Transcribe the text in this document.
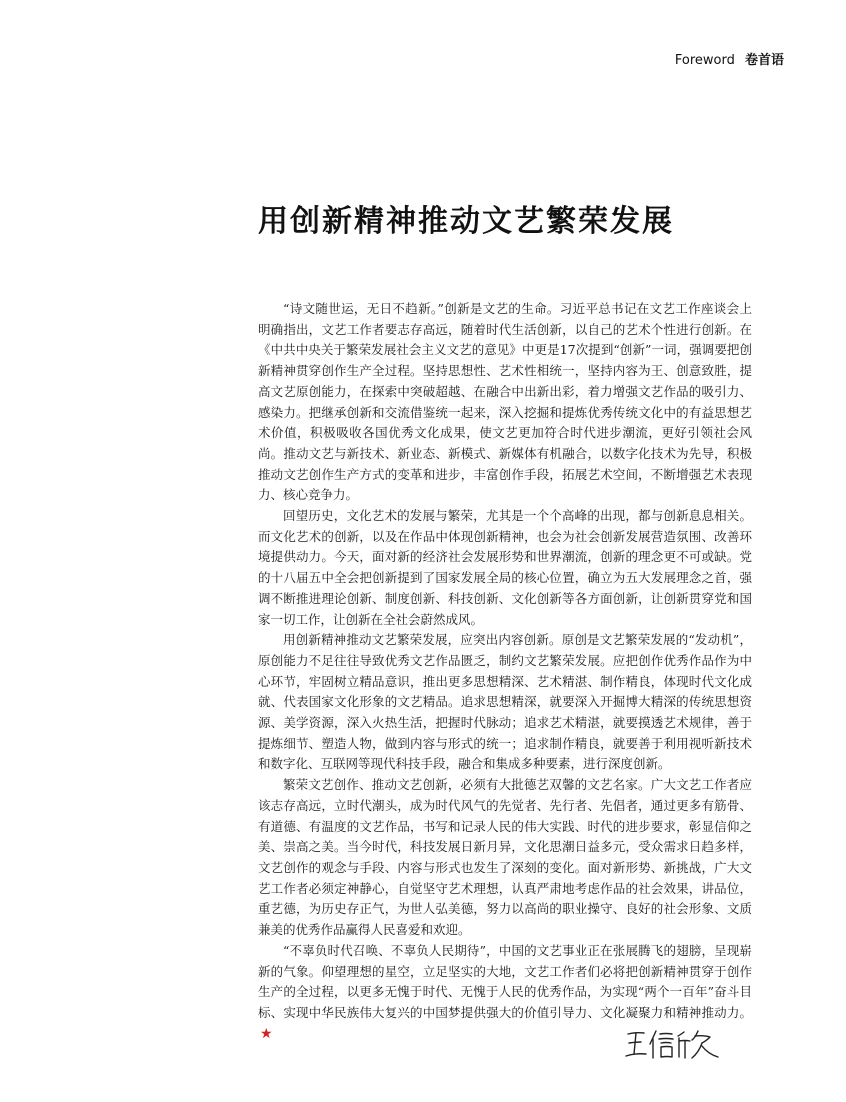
Foreword 卷首语
用创新精神推动文艺繁荣发展

“诗文随世运，无日不趋新。”创新是文艺的生命。习近平总书记在文艺工作座谈会上明确指出，文艺工作者要志存高远，随着时代生活创新，以自己的艺术个性进行创新。在《中共中央关于繁荣发展社会主义文艺的意见》中更是17次提到“创新”一词，强调要把创新精神贯穿创作生产全过程。坚持思想性、艺术性相统一，坚持内容为王、创意致胜，提高文艺原创能力，在探索中突破超越、在融合中出新出彩，着力增强文艺作品的吸引力、感染力。把继承创新和交流借鉴统一起来，深入挖掘和提炼优秀传统文化中的有益思想艺术价值，积极吸收各国优秀文化成果，使文艺更加符合时代进步潮流，更好引领社会风尚。推动文艺与新技术、新业态、新模式、新媒体有机融合，以数字化技术为先导，积极推动文艺创作生产方式的变革和进步，丰富创作手段，拓展艺术空间，不断增强艺术表现力、核心竞争力。

回望历史，文化艺术的发展与繁荣，尤其是一个个高峰的出现，都与创新息息相关。而文化艺术的创新，以及在作品中体现创新精神，也会为社会创新发展营造氛围、改善环境提供动力。今天，面对新的经济社会发展形势和世界潮流，创新的理念更不可或缺。党的十八届五中全会把创新提到了国家发展全局的核心位置，确立为五大发展理念之首，强调不断推进理论创新、制度创新、科技创新、文化创新等各方面创新，让创新贯穿党和国家一切工作，让创新在全社会蔚然成风。

用创新精神推动文艺繁荣发展，应突出内容创新。原创是文艺繁荣发展的“发动机”，原创能力不足往往导致优秀文艺作品匮乏，制约文艺繁荣发展。应把创作优秀作品作为中心环节，牢固树立精品意识，推出更多思想精深、艺术精湛、制作精良，体现时代文化成就、代表国家文化形象的文艺精品。追求思想精深，就要深入开掘博大精深的传统思想资源、美学资源，深入火热生活，把握时代脉动；追求艺术精湛，就要摸透艺术规律，善于提炼细节、塑造人物，做到内容与形式的统一；追求制作精良，就要善于利用视听新技术和数字化、互联网等现代科技手段，融合和集成多种要素，进行深度创新。

繁荣文艺创作、推动文艺创新，必须有大批德艺双馨的文艺名家。广大文艺工作者应该志存高远，立时代潮头，成为时代风气的先觉者、先行者、先倡者，通过更多有筋骨、有道德、有温度的文艺作品，书写和记录人民的伟大实践、时代的进步要求，彰显信仰之美、崇高之美。当今时代，科技发展日新月异，文化思潮日益多元，受众需求日趋多样，文艺创作的观念与手段、内容与形式也发生了深刻的变化。面对新形势、新挑战，广大文艺工作者必须定神静心，自觉坚守艺术理想，认真严肃地考虑作品的社会效果，讲品位，重艺德，为历史存正气，为世人弘美德，努力以高尚的职业操守、良好的社会形象、文质兼美的优秀作品赢得人民喜爱和欢迎。

“不辜负时代召唤、不辜负人民期待”，中国的文艺事业正在张展腾飞的翅膀，呈现崭新的气象。仰望理想的星空，立足坚实的大地，文艺工作者们必将把创新精神贯穿于创作生产的全过程，以更多无愧于时代、无愧于人民的优秀作品，为实现“两个一百年”奋斗目标、实现中华民族伟大复兴的中国梦提供强大的价值引导力、文化凝聚力和精神推动力。★
